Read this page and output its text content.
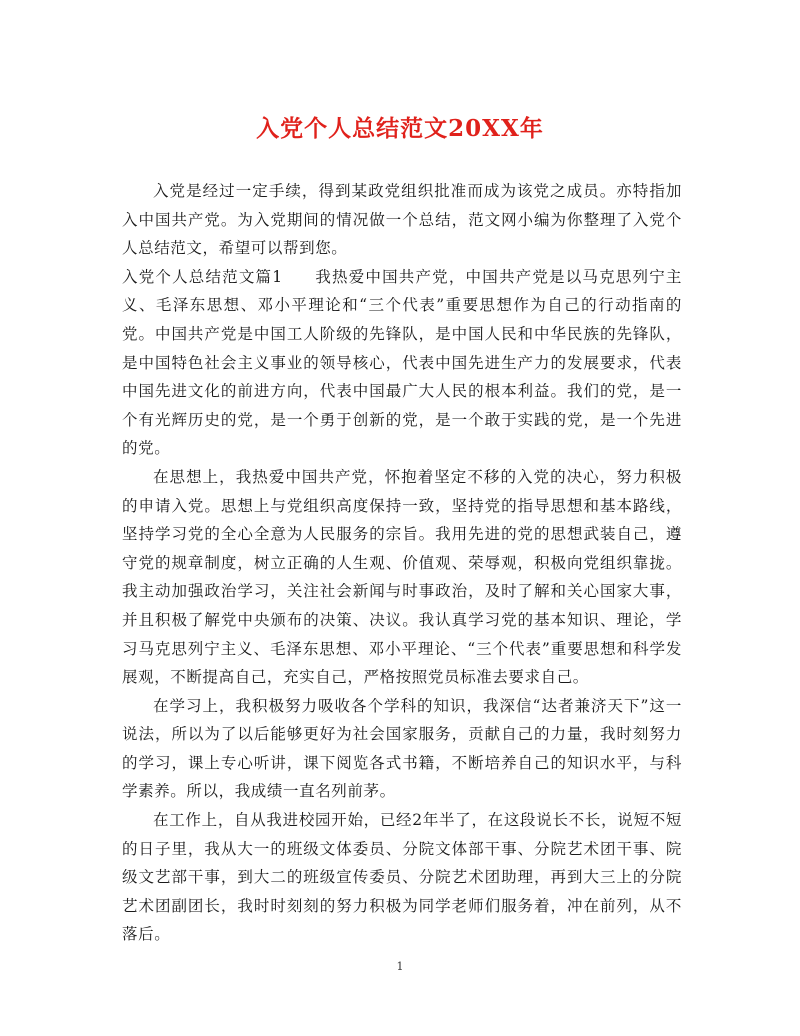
入党个人总结范文20XX年

入党是经过一定手续，得到某政党组织批准而成为该党之成员。亦特指加入中国共产党。为入党期间的情况做一个总结，范文网小编为你整理了入党个人总结范文，希望可以帮到您。

入党个人总结范文篇1 我热爱中国共产党，中国共产党是以马克思列宁主义、毛泽东思想、邓小平理论和“三个代表”重要思想作为自己的行动指南的党。中国共产党是中国工人阶级的先锋队，是中国人民和中华民族的先锋队，是中国特色社会主义事业的领导核心，代表中国先进生产力的发展要求，代表中国先进文化的前进方向，代表中国最广大人民的根本利益。我们的党，是一个有光辉历史的党，是一个勇于创新的党，是一个敢于实践的党，是一个先进的党。

在思想上，我热爱中国共产党，怀抱着坚定不移的入党的决心，努力积极的申请入党。思想上与党组织高度保持一致，坚持党的指导思想和基本路线，坚持学习党的全心全意为人民服务的宗旨。我用先进的党的思想武装自己，遵守党的规章制度，树立正确的人生观、价值观、荣辱观，积极向党组织靠拢。我主动加强政治学习，关注社会新闻与时事政治，及时了解和关心国家大事，并且积极了解党中央颁布的决策、决议。我认真学习党的基本知识、理论，学习马克思列宁主义、毛泽东思想、邓小平理论、“三个代表”重要思想和科学发展观，不断提高自己，充实自己，严格按照党员标准去要求自己。

在学习上，我积极努力吸收各个学科的知识，我深信“达者兼济天下”这一说法，所以为了以后能够更好为社会国家服务，贡献自己的力量，我时刻努力的学习，课上专心听讲，课下阅览各式书籍，不断培养自己的知识水平，与科学素养。所以，我成绩一直名列前茅。

在工作上，自从我进校园开始，已经2年半了，在这段说长不长，说短不短的日子里，我从大一的班级文体委员、分院文体部干事、分院艺术团干事、院级文艺部干事，到大二的班级宣传委员、分院艺术团助理，再到大三上的分院艺术团副团长，我时时刻刻的努力积极为同学老师们服务着，冲在前列，从不落后。

1
